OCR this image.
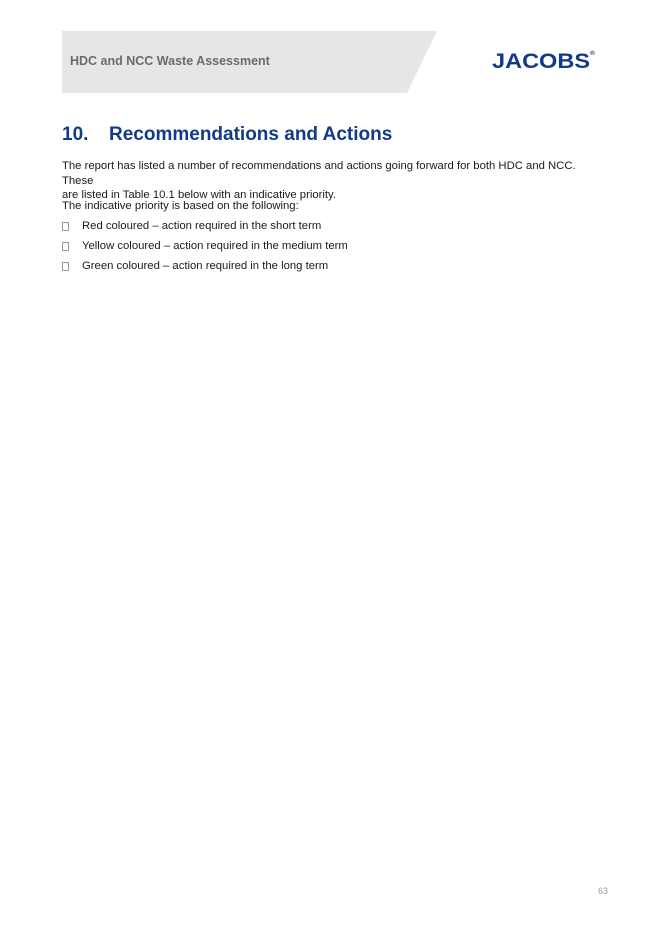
HDC and NCC Waste Assessment	JACOBS®
10. Recommendations and Actions
The report has listed a number of recommendations and actions going forward for both HDC and NCC. These
are listed in Table 10.1 below with an indicative priority.
The indicative priority is based on the following:
Red coloured – action required in the short term
Yellow coloured – action required in the medium term
Green coloured – action required in the long term
63
